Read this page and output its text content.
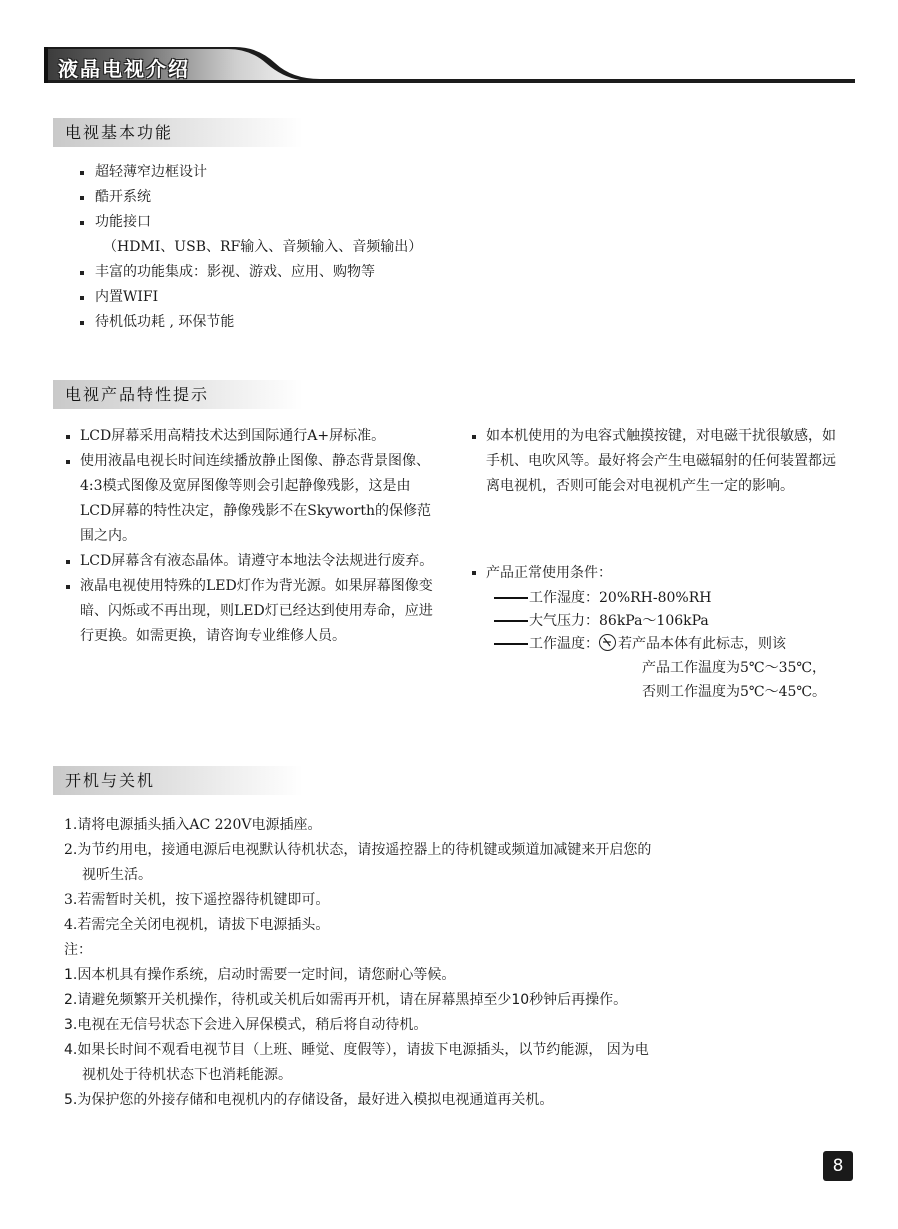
液晶电视介绍
电视基本功能
超轻薄窄边框设计
酷开系统
功能接口
（HDMI、USB、RF输入、音频输入、音频输出）
丰富的功能集成：影视、游戏、应用、购物等
内置WIFI
待机低功耗 , 环保节能
电视产品特性提示
LCD屏幕采用高精技术达到国际通行A+屏标准。
使用液晶电视长时间连续播放静止图像、静态背景图像、4:3模式图像及宽屏图像等则会引起静像残影，这是由LCD屏幕的特性决定，静像残影不在Skyworth的保修范围之内。
LCD屏幕含有液态晶体。请遵守本地法令法规进行废弃。
液晶电视使用特殊的LED灯作为背光源。如果屏幕图像变暗、闪烁或不再出现，则LED灯已经达到使用寿命，应进行更换。如需更换，请咨询专业维修人员。
如本机使用的为电容式触摸按键，对电磁干扰很敏感，如手机、电吹风等。最好将会产生电磁辐射的任何装置都远离电视机，否则可能会对电视机产生一定的影响。
产品正常使用条件：
工作湿度：20%RH-80%RH
大气压力：86kPa～106kPa
工作温度： 若产品本体有此标志，则该
产品工作温度为5℃～35℃，
否则工作温度为5℃～45℃。
开机与关机
1.请将电源插头插入AC 220V电源插座。
2.为节约用电，接通电源后电视默认待机状态，请按遥控器上的待机键或频道加减键来开启您的
视听生活。
3.若需暂时关机，按下遥控器待机键即可。
4.若需完全关闭电视机，请拔下电源插头。
注：
1.因本机具有操作系统，启动时需要一定时间，请您耐心等候。
2.请避免频繁开关机操作，待机或关机后如需再开机，请在屏幕黑掉至少10秒钟后再操作。
3.电视在无信号状态下会进入屏保模式，稍后将自动待机。
4.如果长时间不观看电视节目（上班、睡觉、度假等），请拔下电源插头，以节约能源， 因为电
视机处于待机状态下也消耗能源。
5.为保护您的外接存储和电视机内的存储设备，最好进入模拟电视通道再关机。
8
